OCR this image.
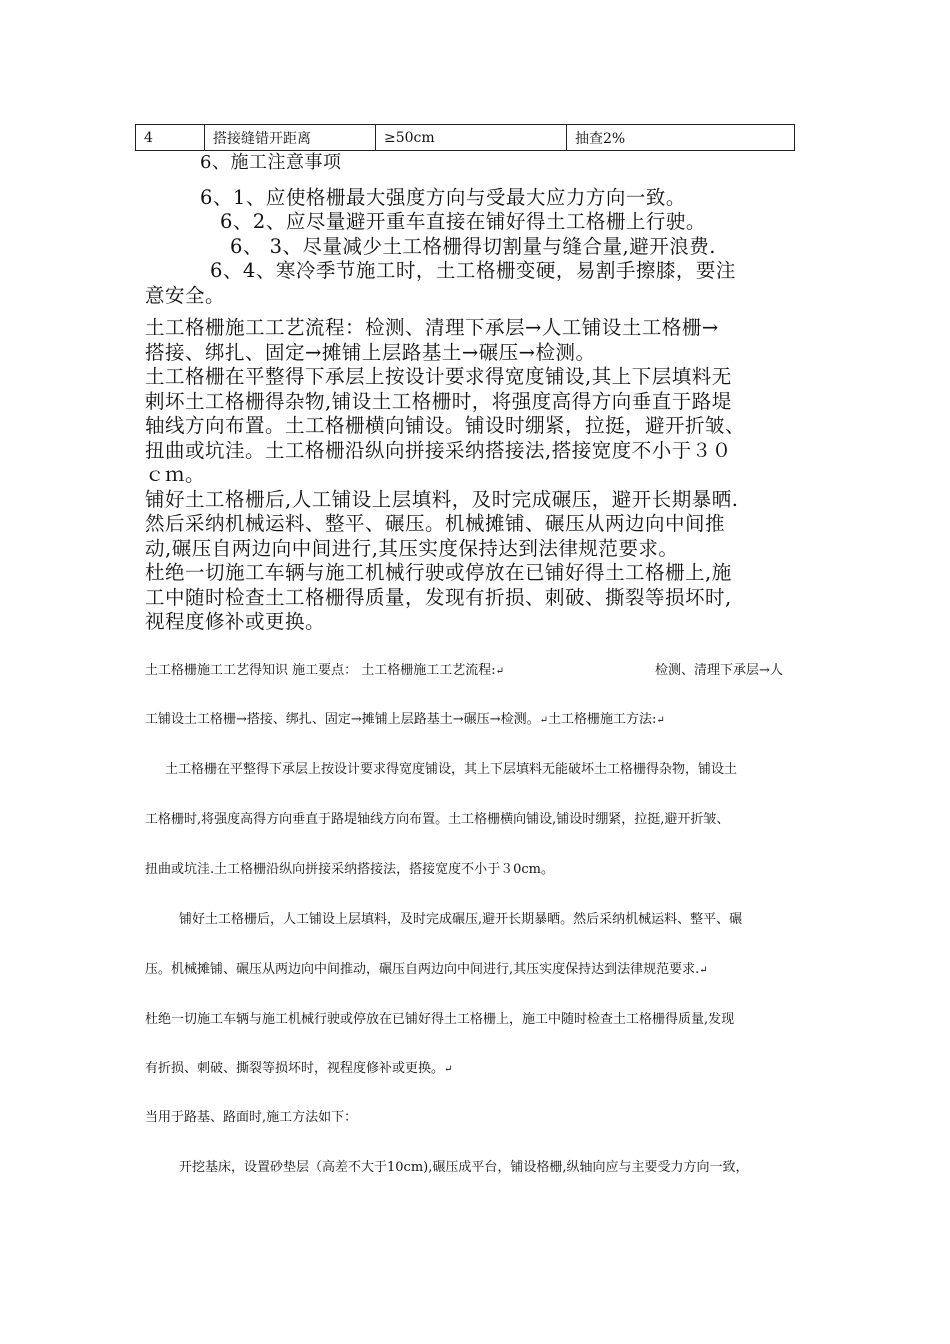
4	搭接缝错开距离	≥50cm	抽查2%
6、施工注意事项
6、1、应使格栅最大强度方向与受最大应力方向一致。
6、2、应尽量避开重车直接在铺好得土工格栅上行驶。
6、 3、尽量减少土工格栅得切割量与缝合量,避开浪费.
6、4、寒冷季节施工时，土工格栅变硬，易割手擦膝，要注
意安全。
土工格栅施工工艺流程：检测、清理下承层→人工铺设土工格栅→
搭接、绑扎、固定→摊铺上层路基土→碾压→检测。
土工格栅在平整得下承层上按设计要求得宽度铺设,其上下层填料无
剌坏土工格栅得杂物,铺设土工格栅时，将强度高得方向垂直于路堤
轴线方向布置。土工格栅横向铺设。铺设时绷紧，拉挺，避开折皱、
扭曲或坑洼。土工格栅沿纵向拼接采纳搭接法,搭接宽度不小于３０
ｃｍ。
铺好土工格栅后,人工铺设上层填料，及时完成碾压，避开长期暴晒.
然后采纳机械运料、整平、碾压。机械摊铺、碾压从两边向中间推
动,碾压自两边向中间进行,其压实度保持达到法律规范要求。
杜绝一切施工车辆与施工机械行驶或停放在已铺好得土工格栅上,施
工中随时检查土工格栅得质量，发现有折损、刺破、撕裂等损坏时,
视程度修补或更换。
土工格栅施工工艺得知识 施工要点： 土工格栅施工工艺流程:↵	检测、清理下承层→人
工铺设土工格栅→搭接、绑扎、固定→摊铺上层路基土→碾压→检测。↵土工格栅施工方法:↵
土工格栅在平整得下承层上按设计要求得宽度铺设，其上下层填料无能破坏土工格栅得杂物，铺设土
工格栅时,将强度高得方向垂直于路堤轴线方向布置。土工格栅横向铺设,铺设时绷紧，拉挺,避开折皱、
扭曲或坑洼.土工格栅沿纵向拼接采纳搭接法，搭接宽度不小于３0cm。
铺好土工格栅后，人工铺设上层填料，及时完成碾压,避开长期暴晒。然后采纳机械运料、整平、碾
压。机械摊铺、碾压从两边向中间推动，碾压自两边向中间进行,其压实度保持达到法律规范要求.↵
杜绝一切施工车辆与施工机械行驶或停放在已铺好得土工格栅上，施工中随时检查土工格栅得质量,发现
有折损、刺破、撕裂等损坏时，视程度修补或更换。↵
当用于路基、路面时,施工方法如下：
开挖基床，设置砂垫层（高差不大于10cm),碾压成平台，铺设格栅,纵轴向应与主要受力方向一致，
